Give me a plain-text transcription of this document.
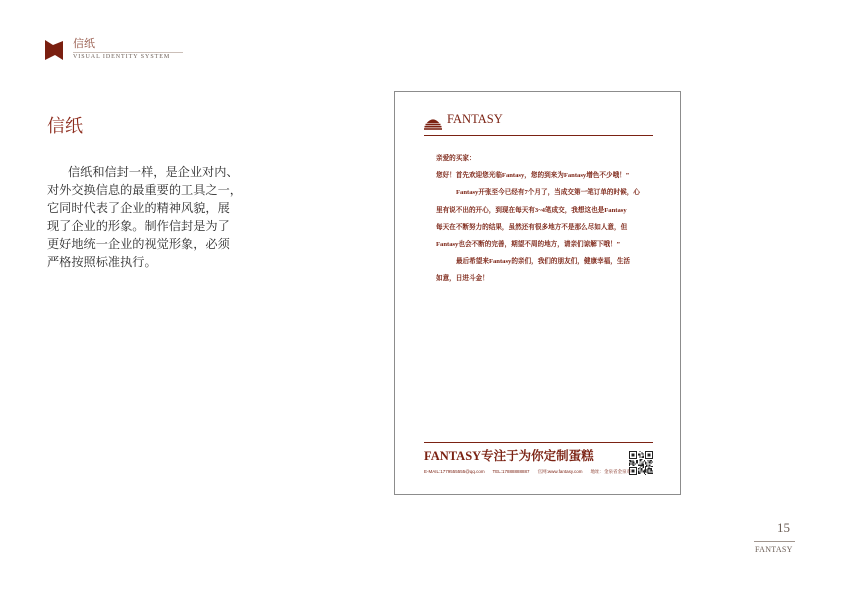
信纸
VISUAL IDENTITY SYSTEM
信纸
信纸和信封一样，是企业对内、
对外交换信息的最重要的工具之一，
它同时代表了企业的精神风貌，展
现了企业的形象。制作信封是为了
更好地统一企业的视觉形象，必须
严格按照标准执行。
FANTASY
亲爱的买家：
您好！首先欢迎您光临Fantasy，您的到来为Fantasy增色不少哦！”
Fantasy开张至今已经有7个月了，当成交第一笔订单的时候，心
里有说不出的开心，到现在每天有3~4笔成交，我想这也是Fantasy
每天在不断努力的结果，虽然还有很多地方不是那么尽如人意，但
Fantasy也会不断的完善，期望不周的地方，请亲们谅解下哦！”
最后希望来Fantasy的亲们，我们的朋友们，健康幸福，生活
如意，日进斗金！
FANTASY专注于为你定制蛋糕
E-MAIL:1779555555@qq.com TEL:17888888887 官网:www.fantasy.com 地址：金泉省金泉市
15
FANTASY
